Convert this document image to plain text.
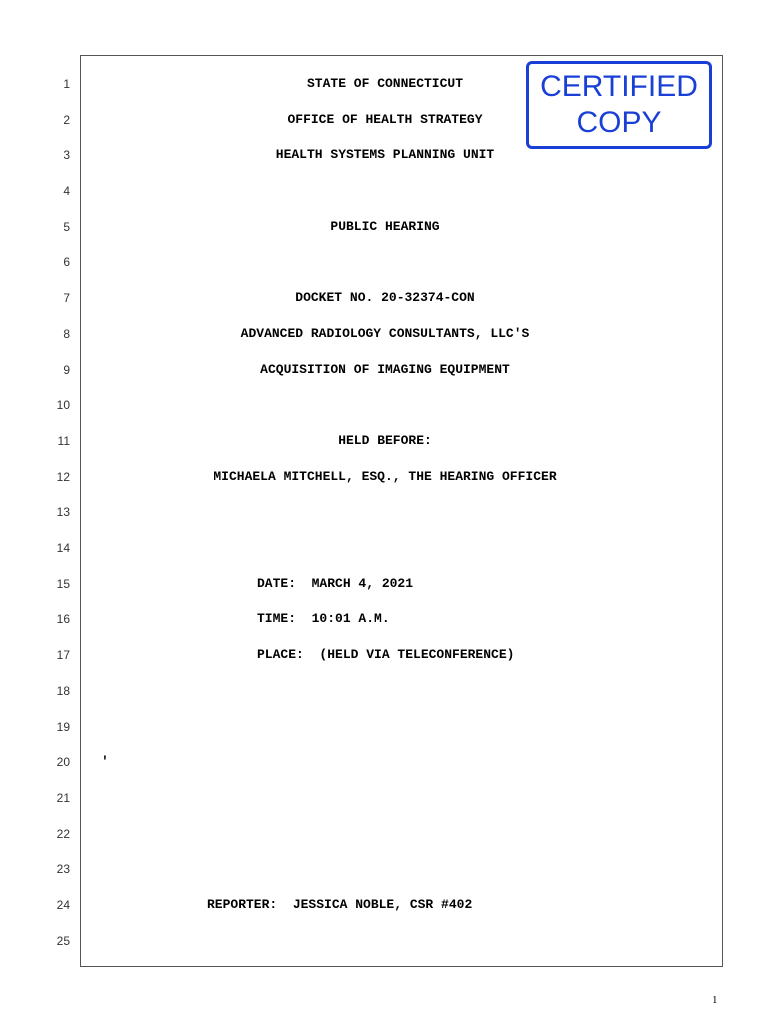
1
2
3
4
5
6
7
8
9
10
11
12
13
14
15
16
17
18
19
20
21
22
23
24
25
STATE OF CONNECTICUT
OFFICE OF HEALTH STRATEGY
HEALTH SYSTEMS PLANNING UNIT
PUBLIC HEARING
DOCKET NO. 20-32374-CON
ADVANCED RADIOLOGY CONSULTANTS, LLC'S
ACQUISITION OF IMAGING EQUIPMENT
HELD BEFORE:
MICHAELA MITCHELL, ESQ., THE HEARING OFFICER
DATE:  MARCH 4, 2021
TIME:  10:01 A.M.
PLACE:  (HELD VIA TELECONFERENCE)
'
REPORTER:  JESSICA NOBLE, CSR #402
CERTIFIED
COPY
1
